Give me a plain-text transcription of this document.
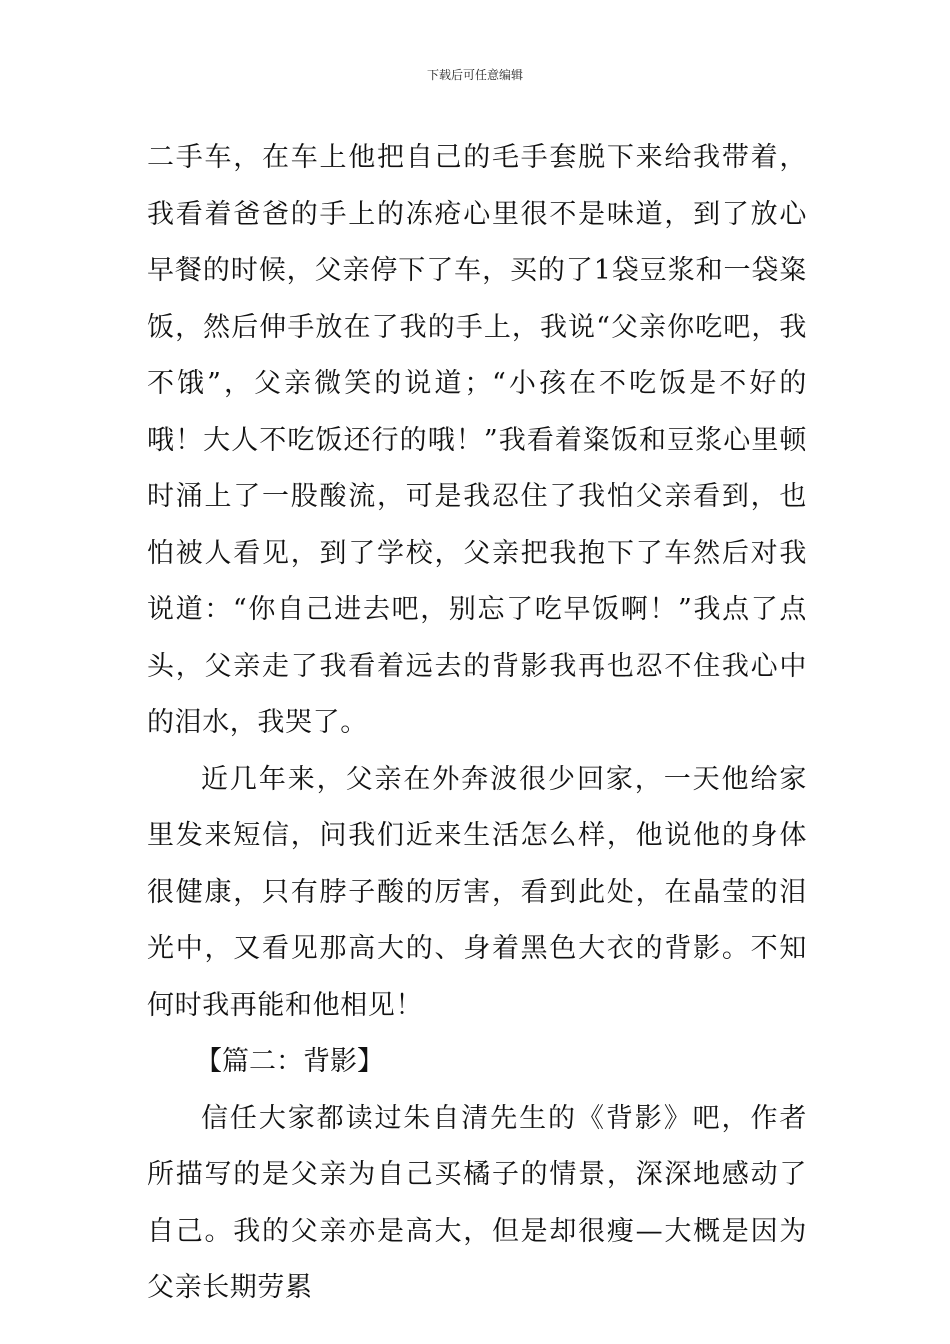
下载后可任意编辑

二手车，在车上他把自己的毛手套脱下来给我带着，我看着爸爸的手上的冻疮心里很不是味道，到了放心早餐的时候，父亲停下了车，买的了1袋豆浆和一袋粢饭，然后伸手放在了我的手上，我说“父亲你吃吧，我不饿”，父亲微笑的说道；“小孩在不吃饭是不好的哦！大人不吃饭还行的哦！”我看着粢饭和豆浆心里顿时涌上了一股酸流，可是我忍住了我怕父亲看到，也怕被人看见，到了学校，父亲把我抱下了车然后对我说道：“你自己进去吧，别忘了吃早饭啊！”我点了点头，父亲走了我看着远去的背影我再也忍不住我心中的泪水，我哭了。

近几年来，父亲在外奔波很少回家，一天他给家里发来短信，问我们近来生活怎么样，他说他的身体很健康，只有脖子酸的厉害，看到此处，在晶莹的泪光中，又看见那高大的、身着黑色大衣的背影。不知何时我再能和他相见！

【篇二：背影】

信任大家都读过朱自清先生的《背影》吧，作者所描写的是父亲为自己买橘子的情景，深深地感动了自己。我的父亲亦是高大，但是却很瘦—大概是因为父亲长期劳累
